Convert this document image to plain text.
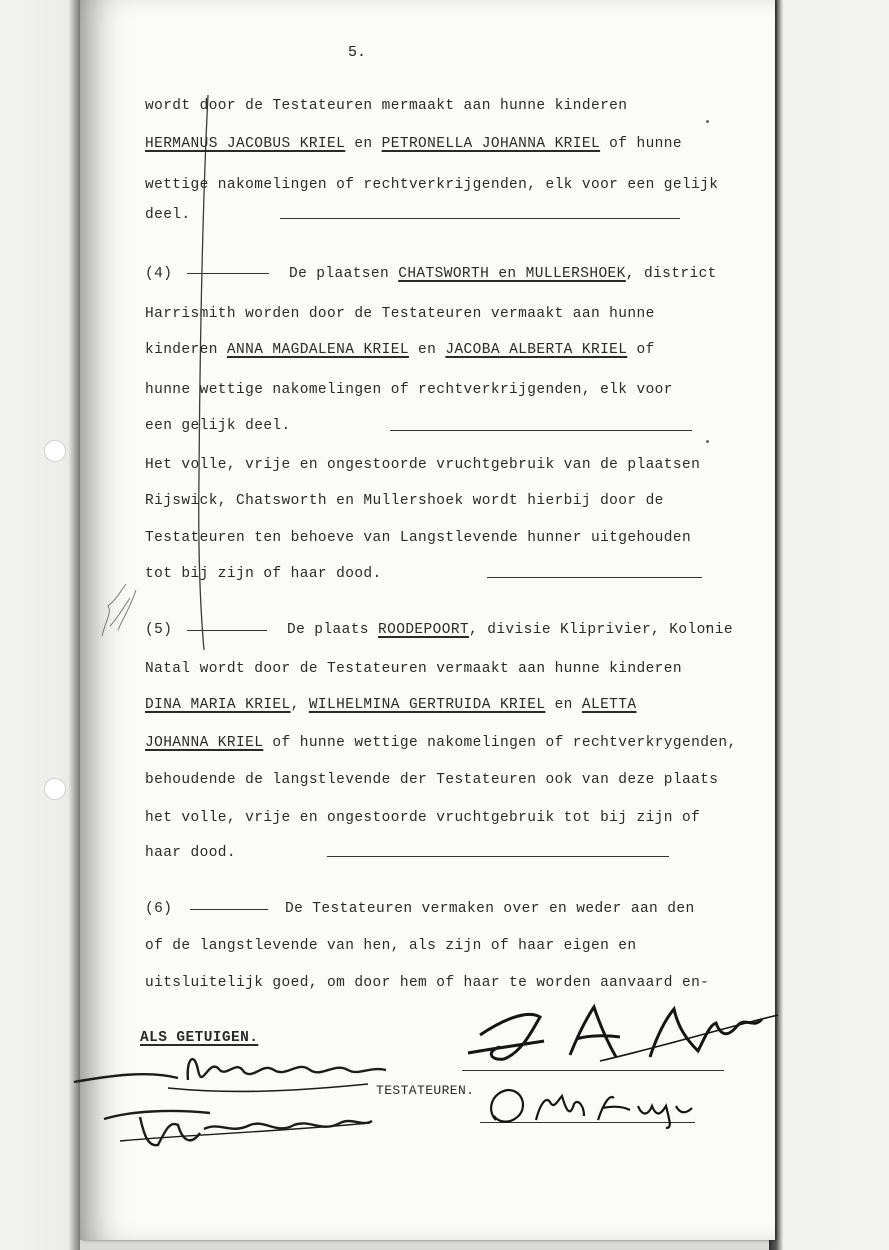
5.
wordt door de Testateuren mermaakt aan hunne kinderen
HERMANUS JACOBUS KRIEL en PETRONELLA JOHANNA KRIEL of hunne
wettige nakomelingen of rechtverkrijgenden, elk voor een gelijk
deel.
(4)	De plaatsen CHATSWORTH en MULLERSHOEK, district
Harrismith worden door de Testateuren vermaakt aan hunne
kinderen ANNA MAGDALENA KRIEL en JACOBA ALBERTA KRIEL of
hunne wettige nakomelingen of rechtverkrijgenden, elk voor
een gelijk deel.
Het volle, vrije en ongestoorde vruchtgebruik van de plaatsen
Rijswick, Chatsworth en Mullershoek wordt hierbij door de
Testateuren ten behoeve van Langstlevende hunner uitgehouden
tot bij zijn of haar dood.
(5)	De plaats ROODEPOORT, divisie Kliprivier, Kolonie
Natal wordt door de Testateuren vermaakt aan hunne kinderen
DINA MARIA KRIEL, WILHELMINA GERTRUIDA KRIEL en ALETTA
JOHANNA KRIEL of hunne wettige nakomelingen of rechtverkrygenden,
behoudende de langstlevende der Testateuren ook van deze plaats
het volle, vrije en ongestoorde vruchtgebruik tot bij zijn of
haar dood.
(6)	De Testateuren vermaken over en weder aan den
of de langstlevende van hen, als zijn of haar eigen en
uitsluitelijk goed, om door hem of haar te worden aanvaard en-
ALS GETUIGEN.
TESTATEUREN.
